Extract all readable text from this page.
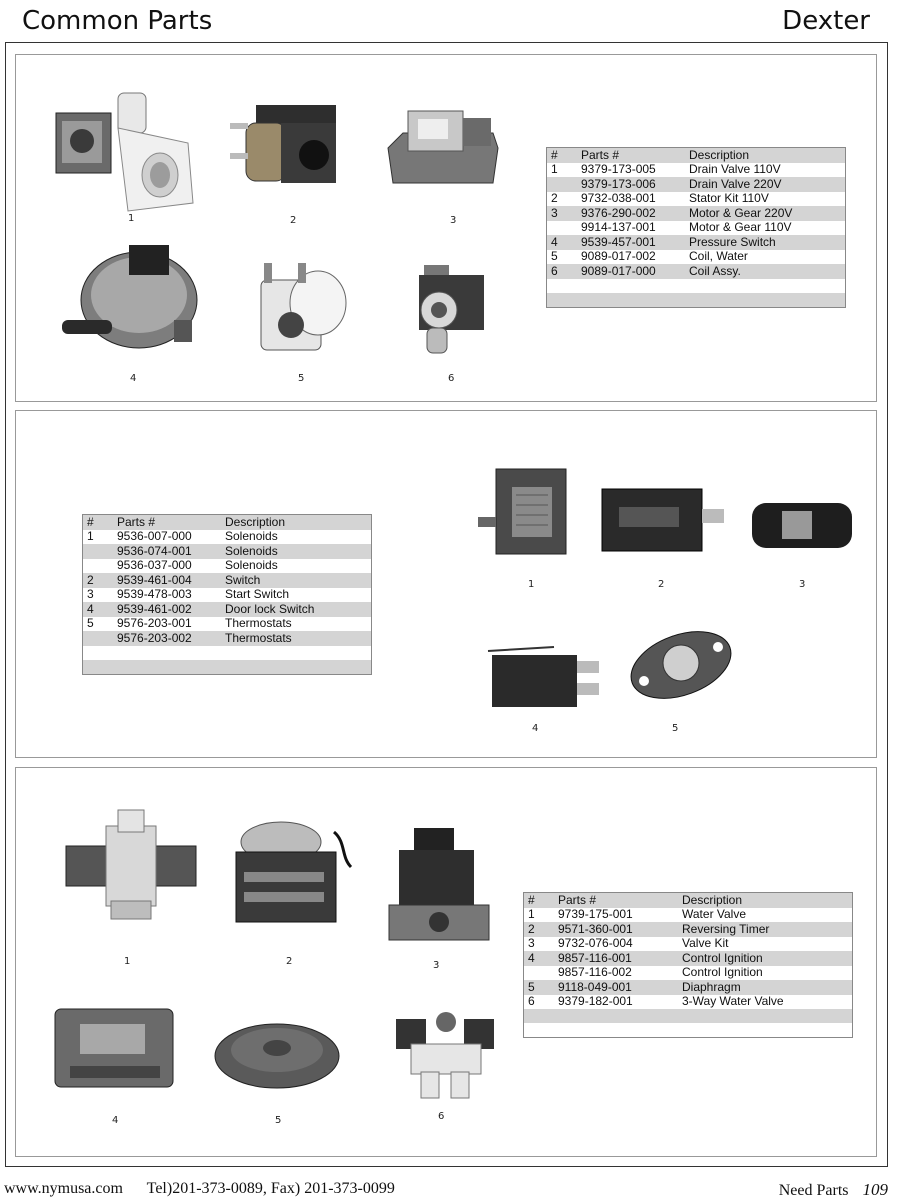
Common Parts	Dexter
1	2	3
4	5	6
#	Parts #	Description
1	9379-173-005	Drain Valve 110V
	9379-173-006	Drain Valve 220V
2	9732-038-001	Stator Kit 110V
3	9376-290-002	Motor & Gear 220V
	9914-137-001	Motor & Gear 110V
4	9539-457-001	Pressure Switch
5	9089-017-002	Coil, Water
6	9089-017-000	Coil Assy.

#	Parts #	Description
1	9536-007-000	Solenoids
	9536-074-001	Solenoids
	9536-037-000	Solenoids
2	9539-461-004	Switch
3	9539-478-003	Start Switch
4	9539-461-002	Door lock Switch
5	9576-203-001	Thermostats
	9576-203-002	Thermostats

1	2	3
4	5
1	2	3
4	5	6
#	Parts #	Description
1	9739-175-001	Water Valve
2	9571-360-001	Reversing Timer
3	9732-076-004	Valve Kit
4	9857-116-001	Control Ignition
	9857-116-002	Control Ignition
5	9118-049-001	Diaphragm
6	9379-182-001	3-Way Water Valve

www.nymusa.com Tel)201-373-0089, Fax) 201-373-0099	Need Parts 109
